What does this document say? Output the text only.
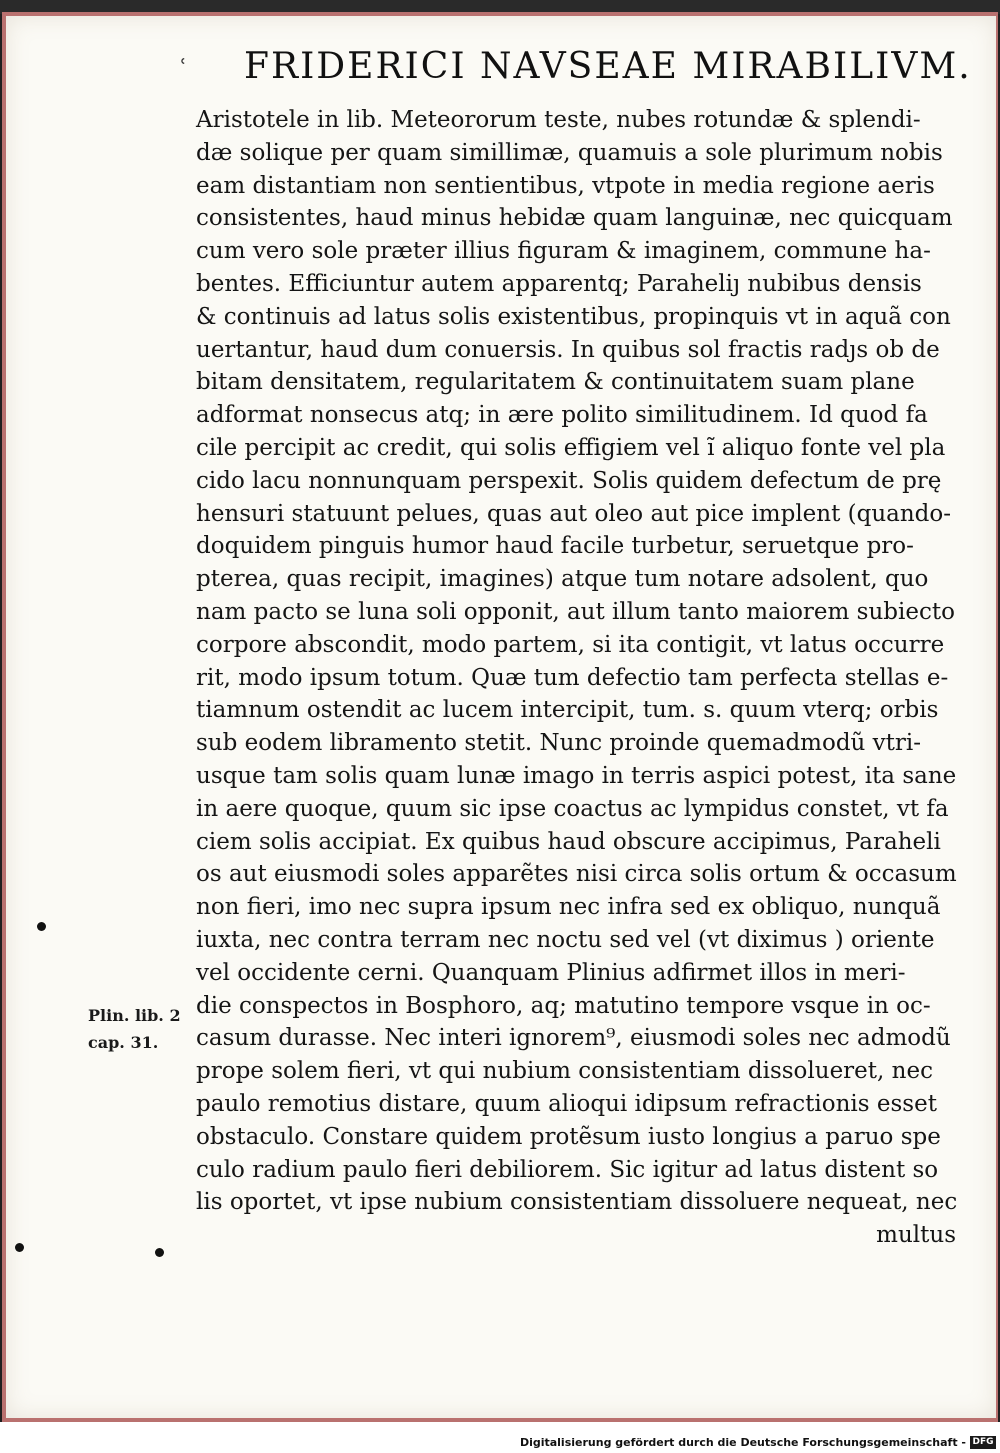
ʿ FRIDERICI NAVSEAE MIRABILIVM.
Aristotele in lib. Meteororum teste, nubes rotundæ & splendi-
dæ solique per quam simillimæ, quamuis a sole plurimum nobis
eam distantiam non sentientibus, vtpote in media regione aeris
consistentes, haud minus hebidæ quam languinæ, nec quicquam
cum vero sole præter illius figuram & imaginem, commune ha-
bentes. Efficiuntur autem apparentq; Paraheliȷ nubibus densis
& continuis ad latus solis existentibus, propinquis vt in aquã con
uertantur, haud dum conuersis. In quibus sol fractis radȷs ob de
bitam densitatem, regularitatem & continuitatem suam plane
adformat nonsecus atq; in ære polito similitudinem. Id quod fa
cile percipit ac credit, qui solis effigiem vel ĩ aliquo fonte vel pla
cido lacu nonnunquam perspexit. Solis quidem defectum de prę
hensuri statuunt pelues, quas aut oleo aut pice implent (quando-
doquidem pinguis humor haud facile turbetur, seruetque pro-
pterea, quas recipit, imagines) atque tum notare adsolent, quo
nam pacto se luna soli opponit, aut illum tanto maiorem subiecto
corpore abscondit, modo partem, si ita contigit, vt latus occurre
rit, modo ipsum totum. Quæ tum defectio tam perfecta stellas e-
tiamnum ostendit ac lucem intercipit, tum. s. quum vterq; orbis
sub eodem libramento stetit. Nunc proinde quemadmodũ vtri-
usque tam solis quam lunæ imago in terris aspici potest, ita sane
in aere quoque, quum sic ipse coactus ac lympidus constet, vt fa
ciem solis accipiat. Ex quibus haud obscure accipimus, Paraheli
os aut eiusmodi soles apparẽtes nisi circa solis ortum & occasum
non fieri, imo nec supra ipsum nec infra sed ex obliquo, nunquã
iuxta, nec contra terram nec noctu sed vel (vt diximus ) oriente
vel occidente cerni. Quanquam Plinius adfirmet illos in meri-
die conspectos in Bosphoro, aq; matutino tempore vsque in oc-
casum durasse. Nec interi ignorem⁹, eiusmodi soles nec admodũ
prope solem fieri, vt qui nubium consistentiam dissolueret, nec
paulo remotius distare, quum alioqui idipsum refractionis esset
obstaculo. Constare quidem protẽsum iusto longius a paruo spe
culo radium paulo fieri debiliorem. Sic igitur ad latus distent so
lis oportet, vt ipse nubium consistentiam dissoluere nequeat, nec
multus
Plin. lib. 2
cap. 31.
Digitalisierung gefördert durch die Deutsche Forschungsgemeinschaft - DFG
